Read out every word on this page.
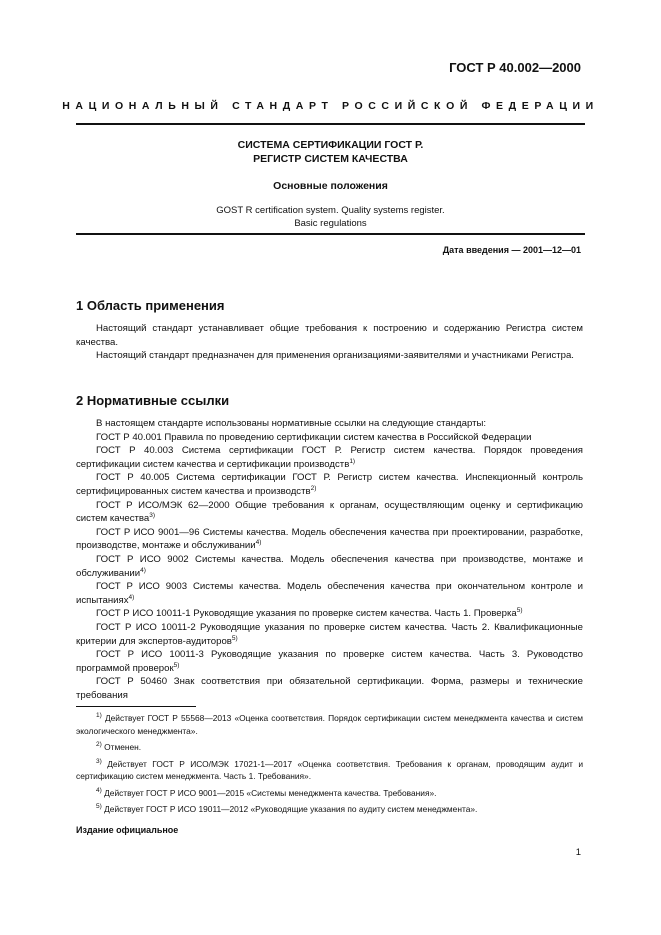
ГОСТ Р 40.002—2000
НАЦИОНАЛЬНЫЙ СТАНДАРТ РОССИЙСКОЙ ФЕДЕРАЦИИ
СИСТЕМА СЕРТИФИКАЦИИ ГОСТ Р.
РЕГИСТР СИСТЕМ КАЧЕСТВА
Основные положения
GOST R certification system. Quality systems register.
Basic regulations
Дата введения — 2001—12—01
1 Область применения

Настоящий стандарт устанавливает общие требования к построению и содержанию Регистра систем качества.

Настоящий стандарт предназначен для применения организациями-заявителями и участниками Регистра.

2 Нормативные ссылки

В настоящем стандарте использованы нормативные ссылки на следующие стандарты:

ГОСТ Р 40.001 Правила по проведению сертификации систем качества в Российской Федерации

ГОСТ Р 40.003 Система сертификации ГОСТ Р. Регистр систем качества. Порядок проведения сертификации систем качества и сертификации производств$^{1)}$

ГОСТ Р 40.005 Система сертификации ГОСТ Р. Регистр систем качества. Инспекционный контроль сертифицированных систем качества и производств$^{2)}$

ГОСТ Р ИСО/МЭК 62—2000 Общие требования к органам, осуществляющим оценку и сертификацию систем качества$^{3)}$

ГОСТ Р ИСО 9001—96 Системы качества. Модель обеспечения качества при проектировании, разработке, производстве, монтаже и обслуживании$^{4)}$

ГОСТ Р ИСО 9002 Системы качества. Модель обеспечения качества при производстве, монтаже и обслуживании$^{4)}$

ГОСТ Р ИСО 9003 Системы качества. Модель обеспечения качества при окончательном контроле и испытаниях$^{4)}$

ГОСТ Р ИСО 10011-1 Руководящие указания по проверке систем качества. Часть 1. Проверка$^{5)}$

ГОСТ Р ИСО 10011-2 Руководящие указания по проверке систем качества. Часть 2. Квалификационные критерии для экспертов-аудиторов$^{5)}$

ГОСТ Р ИСО 10011-3 Руководящие указания по проверке систем качества. Часть 3. Руководство программой проверок$^{5)}$

ГОСТ Р 50460 Знак соответствия при обязательной сертификации. Форма, размеры и технические требования

$^{1)}$ Действует ГОСТ Р 55568—2013 «Оценка соответствия. Порядок сертификации систем менеджмента качества и систем экологического менеджмента».

$^{2)}$ Отменен.

$^{3)}$ Действует ГОСТ Р ИСО/МЭК 17021-1—2017 «Оценка соответствия. Требования к органам, проводящим аудит и сертификацию систем менеджмента. Часть 1. Требования».

$^{4)}$ Действует ГОСТ Р ИСО 9001—2015 «Системы менеджмента качества. Требования».

$^{5)}$ Действует ГОСТ Р ИСО 19011—2012 «Руководящие указания по аудиту систем менеджмента».

Издание официальное
1
